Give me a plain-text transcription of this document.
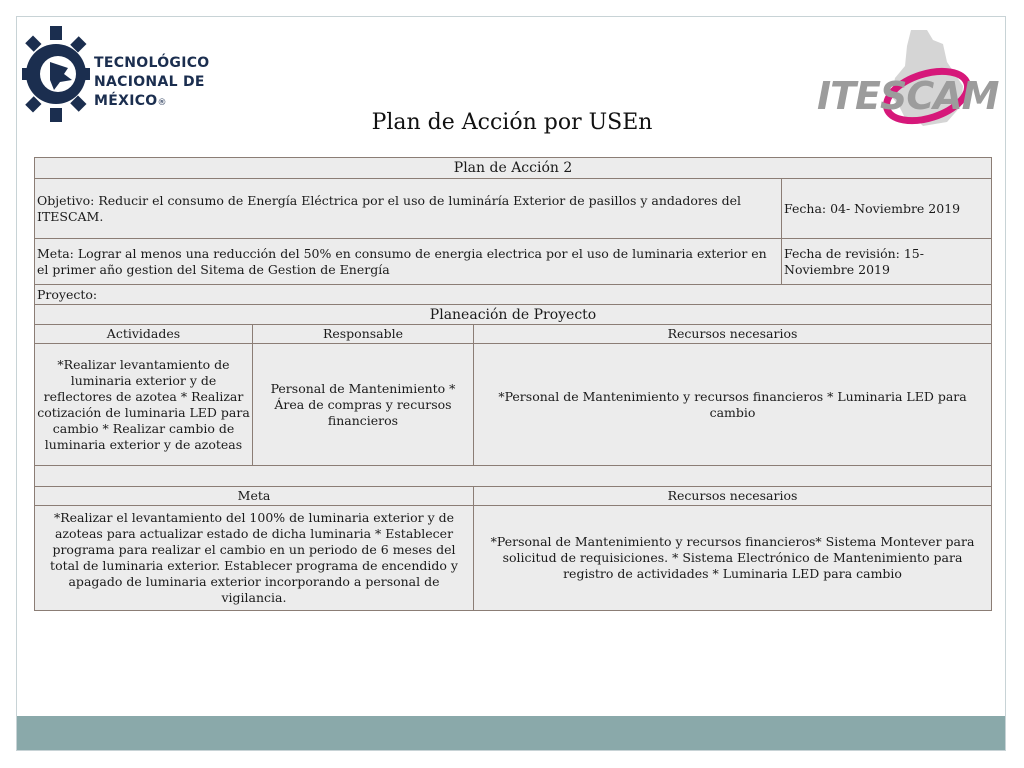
TECNOLÓGICO
NACIONAL DE MÉXICO®	ITESCAM
Plan de Acción por USEn
Plan de Acción 2			
Objetivo: Reducir el consumo de Energía Eléctrica por el uso de lumináría Exterior de pasillos y andadores del ITESCAM.			Fecha: 04- Noviembre 2019
Meta: Lograr al menos una reducción del 50% en consumo de energia electrica por el uso de luminaria exterior en el primer año gestion del Sitema de Gestion de Energía			Fecha de revisión: 15- Noviembre 2019
Proyecto:			
Planeación de Proyecto			
Actividades	Responsable	Recursos necesarios	
*Realizar levantamiento de luminaria exterior y de reflectores de azotea * Realizar cotización de luminaria LED para cambio * Realizar cambio de luminaria exterior y de azoteas	Personal de Mantenimiento * Área de compras y recursos financieros	*Personal de Mantenimiento y recursos financieros * Luminaria LED para cambio	

Meta		Recursos necesarios	
*Realizar el levantamiento del 100% de luminaria exterior y de azoteas para actualizar estado de dicha luminaria * Establecer programa para realizar el cambio en un periodo de 6 meses del total de luminaria exterior. Establecer programa de encendido y apagado de luminaria exterior incorporando a personal de vigilancia.		*Personal de Mantenimiento y recursos financieros* Sistema Montever para solicitud de requisiciones. * Sistema Electrónico de Mantenimiento para registro de actividades * Luminaria LED para cambio	
